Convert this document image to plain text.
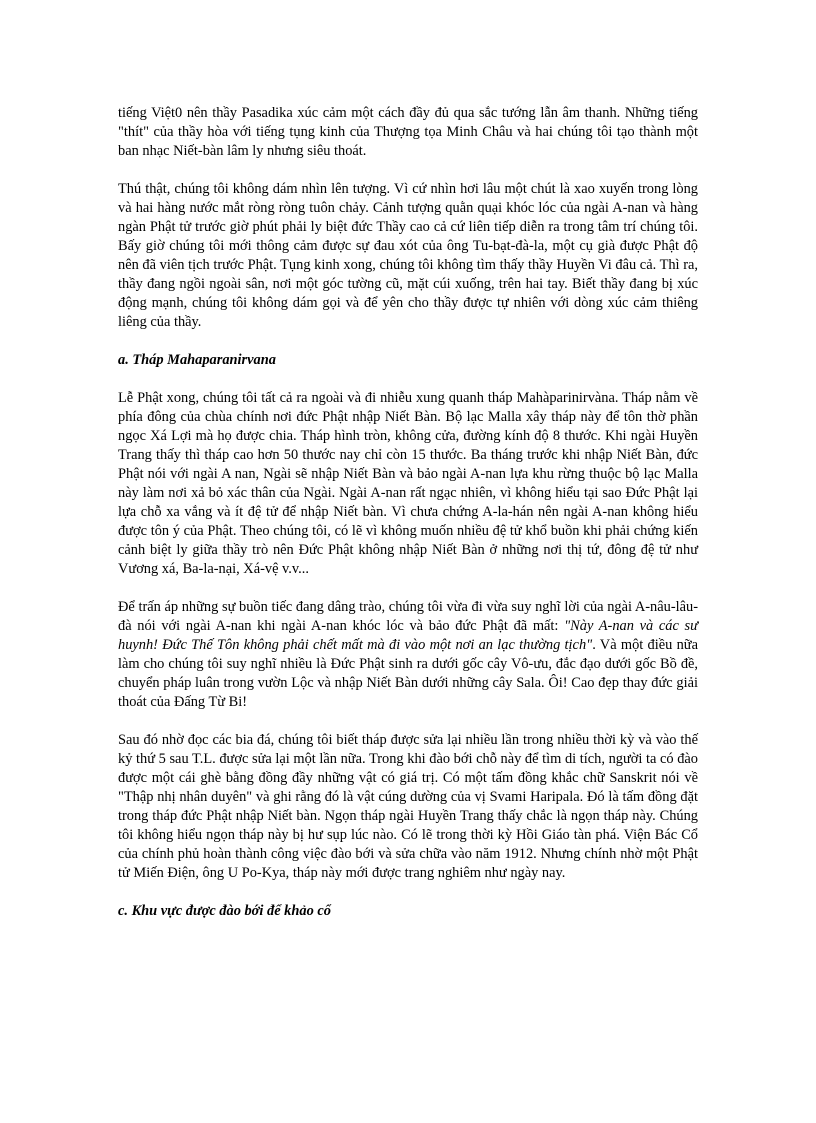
tiếng Việt0 nên thầy Pasadika xúc cảm một cách đầy đủ qua sắc tướng lẫn âm thanh. Những tiếng "thít" của thầy hòa với tiếng tụng kinh của Thượng tọa Minh Châu và hai chúng tôi tạo thành một ban nhạc Niết-bàn lâm ly nhưng siêu thoát.

Thú thật, chúng tôi không dám nhìn lên tượng. Vì cứ nhìn hơi lâu một chút là xao xuyến trong lòng và hai hàng nước mắt ròng ròng tuôn chảy. Cảnh tượng quằn quại khóc lóc của ngài A-nan và hàng ngàn Phật tử trước giờ phút phải ly biệt đức Thầy cao cả cứ liên tiếp diễn ra trong tâm trí chúng tôi. Bấy giờ chúng tôi mới thông cảm được sự đau xót của ông Tu-bạt-đà-la, một cụ già được Phật độ nên đã viên tịch trước Phật. Tụng kinh xong, chúng tôi không tìm thấy thầy Huyền Vi đâu cả. Thì ra, thầy đang ngồi ngoài sân, nơi một góc tường cũ, mặt cúi xuống, trên hai tay. Biết thầy đang bị xúc động mạnh, chúng tôi không dám gọi và để yên cho thầy được tự nhiên với dòng xúc cảm thiêng liêng của thầy.

a. Tháp Mahaparanirvana

Lễ Phật xong, chúng tôi tất cả ra ngoài và đi nhiễu xung quanh tháp Mahàparinirvàna. Tháp nằm về phía đông của chùa chính nơi đức Phật nhập Niết Bàn. Bộ lạc Malla xây tháp này để tôn thờ phần ngọc Xá Lợi mà họ được chia. Tháp hình tròn, không cửa, đường kính độ 8 thước. Khi ngài Huyền Trang thấy thì tháp cao hơn 50 thước nay chỉ còn 15 thước. Ba tháng trước khi nhập Niết Bàn, đức Phật nói với ngài A nan, Ngài sẽ nhập Niết Bàn và bảo ngài A-nan lựa khu rừng thuộc bộ lạc Malla này làm nơi xả bỏ xác thân của Ngài. Ngài A-nan rất ngạc nhiên, vì không hiểu tại sao Đức Phật lại lựa chỗ xa vắng và ít đệ tử để nhập Niết bàn. Vì chưa chứng A-la-hán nên ngài A-nan không hiểu được tôn ý của Phật. Theo chúng tôi, có lẽ vì không muốn nhiều đệ tử khổ buồn khi phải chứng kiến cảnh biệt ly giữa thầy trò nên Đức Phật không nhập Niết Bàn ở những nơi thị tứ, đông đệ tử như Vương xá, Ba-la-nại, Xá-vệ v.v...

Để trấn áp những sự buồn tiếc đang dâng trào, chúng tôi vừa đi vừa suy nghĩ lời của ngài A-nâu-lâu-đà nói với ngài A-nan khi ngài A-nan khóc lóc và bảo đức Phật đã mất: "Này A-nan và các sư huynh! Đức Thế Tôn không phải chết mất mà đi vào một nơi an lạc thường tịch". Và một điều nữa làm cho chúng tôi suy nghĩ nhiều là Đức Phật sinh ra dưới gốc cây Vô-ưu, đắc đạo dưới gốc Bồ đề, chuyển pháp luân trong vườn Lộc và nhập Niết Bàn dưới những cây Sala. Ôi! Cao đẹp thay đức giải thoát của Đấng Từ Bi!

Sau đó nhờ đọc các bia đá, chúng tôi biết tháp được sửa lại nhiều lần trong nhiều thời kỳ và vào thế kỷ thứ 5 sau T.L. được sửa lại một lần nữa. Trong khi đào bới chỗ này để tìm di tích, người ta có đào được một cái ghè bằng đồng đầy những vật có giá trị. Có một tấm đồng khắc chữ Sanskrit nói về "Thập nhị nhân duyên" và ghi rằng đó là vật cúng dường của vị Svami Haripala. Đó là tấm đồng đặt trong tháp đức Phật nhập Niết bàn. Ngọn tháp ngài Huyền Trang thấy chắc là ngọn tháp này. Chúng tôi không hiểu ngọn tháp này bị hư sụp lúc nào. Có lẽ trong thời kỳ Hồi Giáo tàn phá. Viện Bác Cổ của chính phủ hoàn thành công việc đào bới và sửa chữa vào năm 1912. Nhưng chính nhờ một Phật tử Miến Điện, ông U Po-Kya, tháp này mới được trang nghiêm như ngày nay.

c. Khu vực được đào bới để khảo cổ
